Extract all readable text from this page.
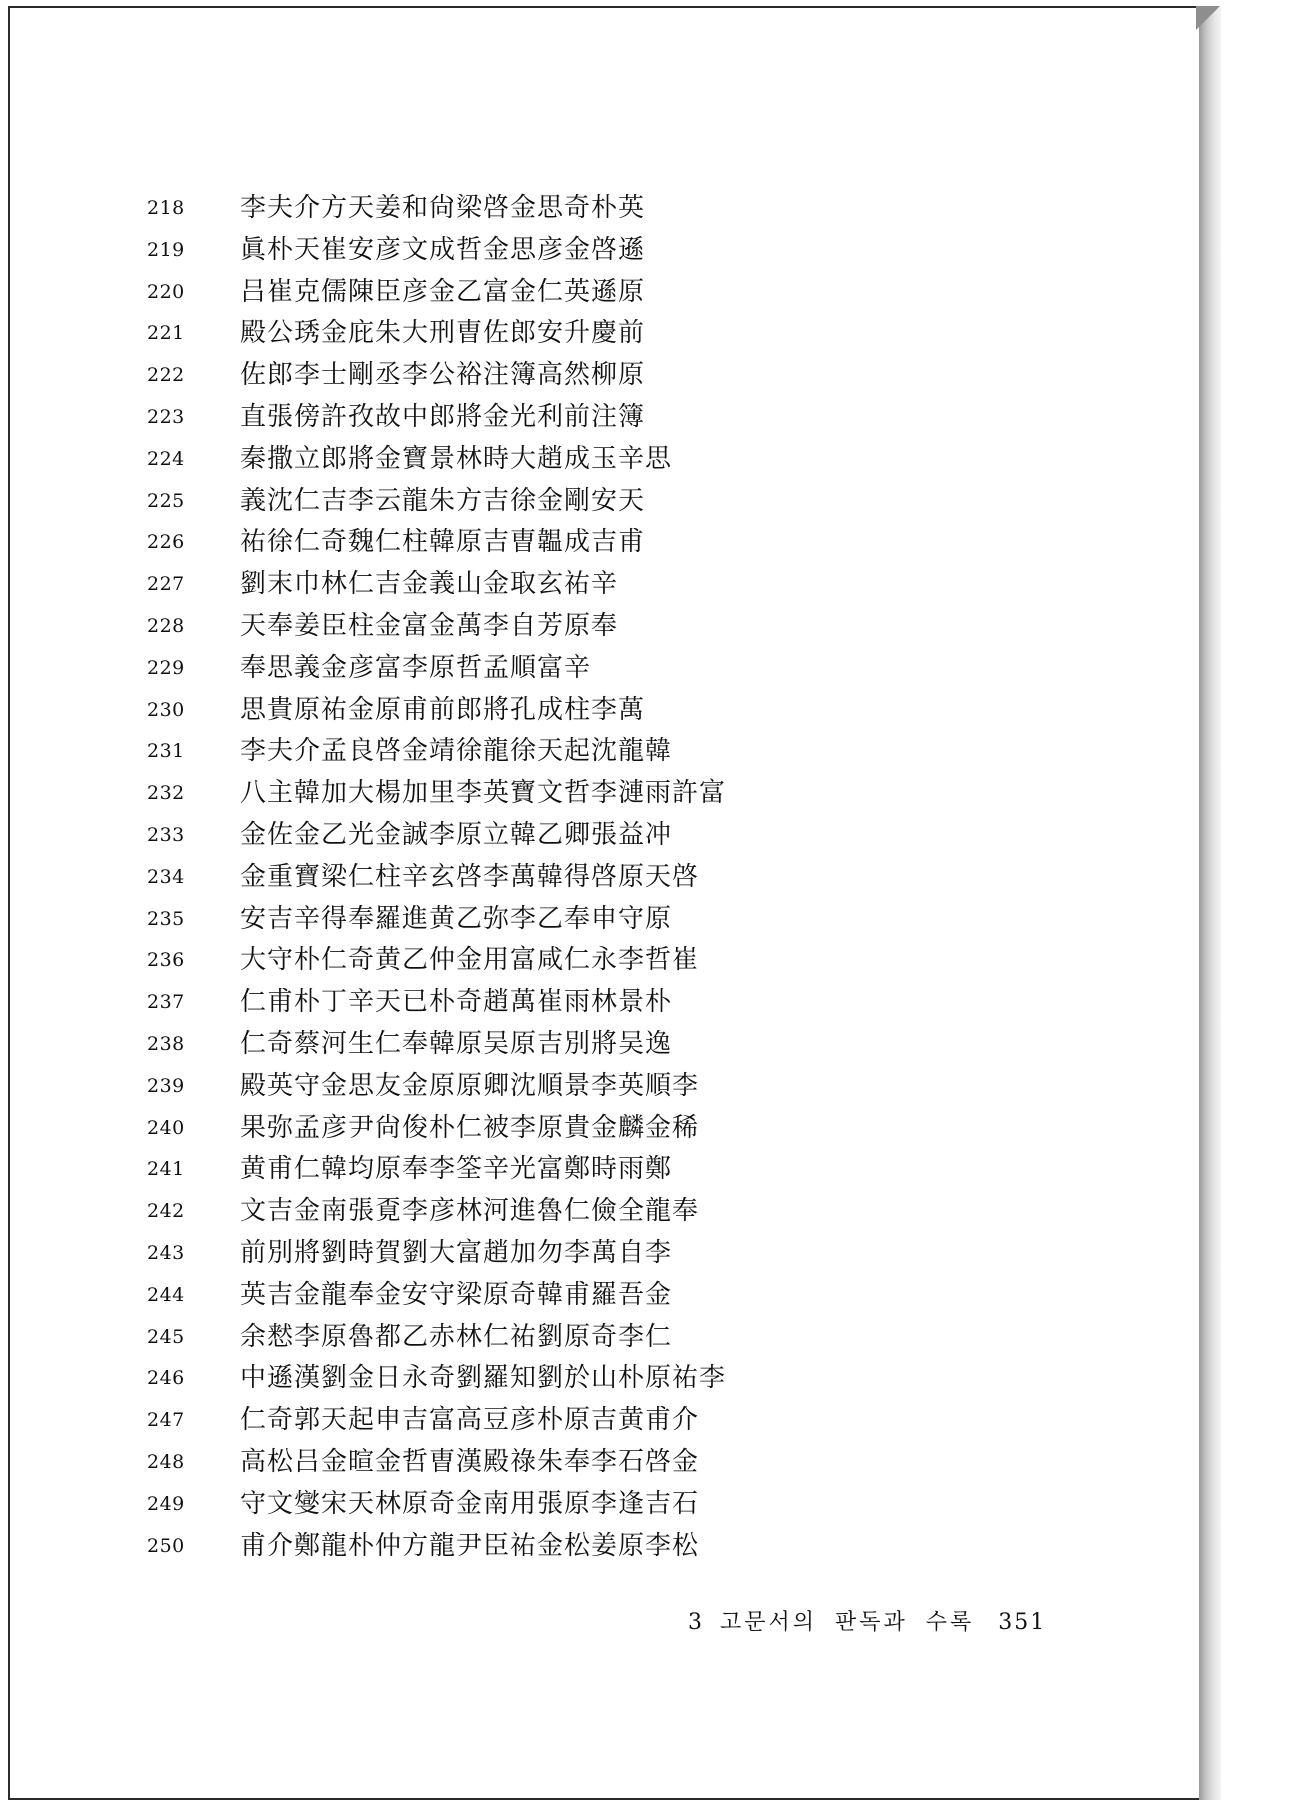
218	李夫介方天姜和尙梁啓金思奇朴英
219	眞朴天崔安彦文成哲金思彦金啓遜
220	吕崔克儒陳臣彦金乙富金仁英遜原
221	殿公琇金庇朱大刑曺佐郎安升慶前
222	佐郎李士剛丞李公裕注簿高然柳原
223	直張傍許孜故中郎將金光利前注簿
224	秦撒立郎將金寶景林時大趙成玉辛思
225	義沈仁吉李云龍朱方吉徐金剛安天
226	祐徐仁奇魏仁柱韓原吉曺韞成吉甫
227	劉末巾林仁吉金義山金取玄祐辛
228	天奉姜臣柱金富金萬李自芳原奉
229	奉思義金彦富李原哲孟順富辛
230	思貴原祐金原甫前郎將孔成柱李萬
231	李夫介孟良啓金靖徐龍徐天起沈龍韓
232	八主韓加大楊加里李英寶文哲李漣雨許富
233	金佐金乙光金誠李原立韓乙卿張益冲
234	金重寶梁仁柱辛玄啓李萬韓得啓原天啓
235	安吉辛得奉羅進黄乙弥李乙奉申守原
236	大守朴仁奇黄乙仲金用富咸仁永李哲崔
237	仁甫朴丁辛天已朴奇趙萬崔雨林景朴
238	仁奇蔡河生仁奉韓原吴原吉別將吴逸
239	殿英守金思友金原原卿沈順景李英順李
240	果弥孟彦尹尙俊朴仁被李原貴金麟金稀
241	黄甫仁韓均原奉李筌辛光富鄭時雨鄭
242	文吉金南張覔李彦林河進魯仁儉全龍奉
243	前別將劉時賀劉大富趙加勿李萬自李
244	英吉金龍奉金安守梁原奇韓甫羅吾金
245	余慭李原魯都乙赤林仁祐劉原奇李仁
246	中遜漢劉金日永奇劉羅知劉於山朴原祐李
247	仁奇郭天起申吉富高豆彦朴原吉黄甫介
248	高松吕金暄金哲曺漢殿祿朱奉李石啓金
249	守文燮宋天林原奇金南用張原李逢吉石
250	甫介鄭龍朴仲方龍尹臣祐金松姜原李松
3 고문서의 판독과 수록 351
